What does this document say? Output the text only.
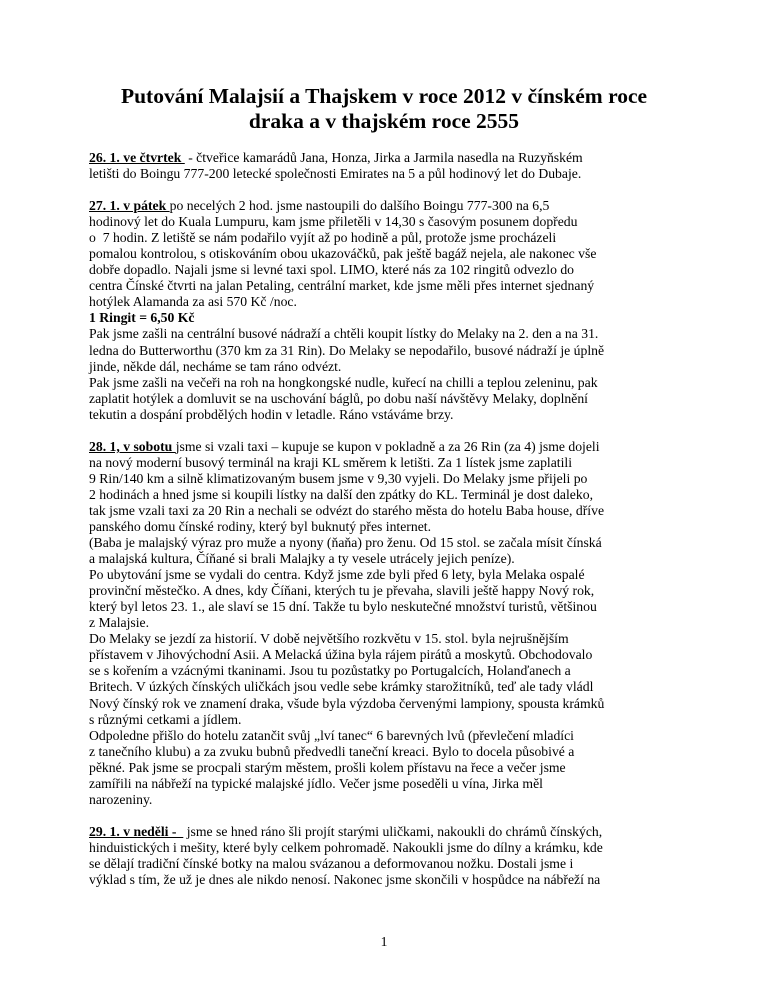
Putování Malajsií a Thajskem v roce 2012 v čínském roce
draka a v thajském roce 2555
26. 1. ve čtvrtek  - čtveřice kamarádů Jana, Honza, Jirka a Jarmila nasedla na Ruzyňském
letišti do Boingu 777-200 letecké společnosti Emirates na 5 a půl hodinový let do Dubaje.
27. 1. v pátek po necelých 2 hod. jsme nastoupili do dalšího Boingu 777-300 na 6,5
hodinový let do Kuala Lumpuru, kam jsme přiletěli v 14,30 s časovým posunem dopředu
o  7 hodin. Z letiště se nám podařilo vyjít až po hodině a půl, protože jsme procházeli
pomalou kontrolou, s otiskováním obou ukazováčků, pak ještě bagáž nejela, ale nakonec vše
dobře dopadlo. Najali jsme si levné taxi spol. LIMO, které nás za 102 ringitů odvezlo do
centra Čínské čtvrti na jalan Petaling, centrální market, kde jsme měli přes internet sjednaný
hotýlek Alamanda za asi 570 Kč /noc.
1 Ringit = 6,50 Kč
Pak jsme zašli na centrální busové nádraží a chtěli koupit lístky do Melaky na 2. den a na 31.
ledna do Butterworthu (370 km za 31 Rin). Do Melaky se nepodařilo, busové nádraží je úplně
jinde, někde dál, necháme se tam ráno odvézt.
Pak jsme zašli na večeři na roh na hongkongské nudle, kuřecí na chilli a teplou zeleninu, pak
zaplatit hotýlek a domluvit se na uschování báglů, po dobu naší návštěvy Melaky, doplnění
tekutin a dospání probdělých hodin v letadle. Ráno vstáváme brzy.
28. 1, v sobotu jsme si vzali taxi – kupuje se kupon v pokladně a za 26 Rin (za 4) jsme dojeli
na nový moderní busový terminál na kraji KL směrem k letišti. Za 1 lístek jsme zaplatili
9 Rin/140 km a silně klimatizovaným busem jsme v 9,30 vyjeli. Do Melaky jsme přijeli po
2 hodinách a hned jsme si koupili lístky na další den zpátky do KL. Terminál je dost daleko,
tak jsme vzali taxi za 20 Rin a nechali se odvézt do starého města do hotelu Baba house, dříve
panského domu čínské rodiny, který byl buknutý přes internet.
(Baba je malajský výraz pro muže a nyony (ňaňa) pro ženu. Od 15 stol. se začala mísit čínská
a malajská kultura, Číňané si brali Malajky a ty vesele utrácely jejich peníze).
Po ubytování jsme se vydali do centra. Když jsme zde byli před 6 lety, byla Melaka ospalé
provinční městečko. A dnes, kdy Číňani, kterých tu je převaha, slavili ještě happy Nový rok,
který byl letos 23. 1., ale slaví se 15 dní. Takže tu bylo neskutečné množství turistů, většinou
z Malajsie.
Do Melaky se jezdí za historií. V době největšího rozkvětu v 15. stol. byla nejrušnějším
přístavem v Jihovýchodní Asii. A Melacká úžina byla rájem pirátů a moskytů. Obchodovalo
se s kořením a vzácnými tkaninami. Jsou tu pozůstatky po Portugalcích, Holanďanech a
Britech. V úzkých čínských uličkách jsou vedle sebe krámky starožitníků, teď ale tady vládl
Nový čínský rok ve znamení draka, všude byla výzdoba červenými lampiony, spousta krámků
s různými cetkami a jídlem.
Odpoledne přišlo do hotelu zatančit svůj „lví tanec“ 6 barevných lvů (převlečení mladíci
z tanečního klubu) a za zvuku bubnů předvedli taneční kreaci. Bylo to docela působivé a
pěkné. Pak jsme se procpali starým městem, prošli kolem přístavu na řece a večer jsme
zamířili na nábřeží na typické malajské jídlo. Večer jsme poseděli u vína, Jirka měl
narozeniny.
29. 1. v neděli -   jsme se hned ráno šli projít starými uličkami, nakoukli do chrámů čínských,
hinduistických i mešity, které byly celkem pohromadě. Nakoukli jsme do dílny a krámku, kde
se dělají tradiční čínské botky na malou svázanou a deformovanou nožku. Dostali jsme i
výklad s tím, že už je dnes ale nikdo nenosí. Nakonec jsme skončili v hospůdce na nábřeží na
1
